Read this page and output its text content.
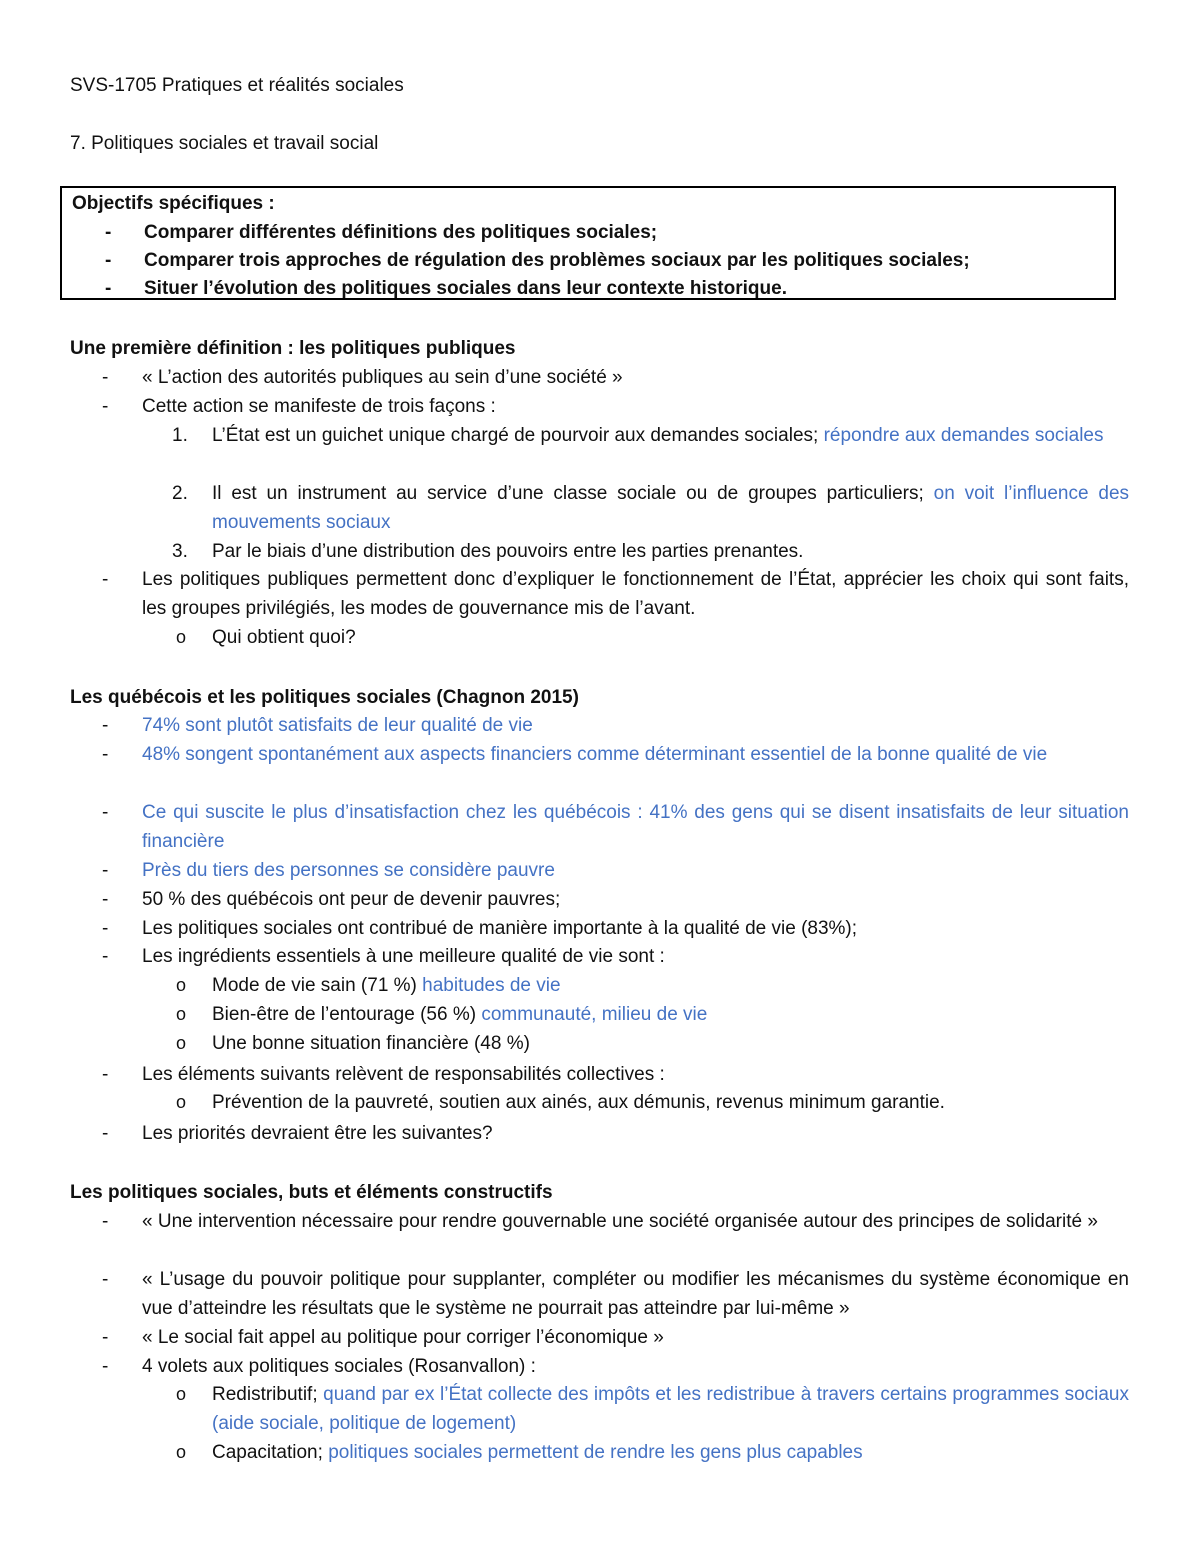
SVS-1705 Pratiques et réalités sociales
7. Politiques sociales et travail social
Objectifs spécifiques :
- Comparer différentes définitions des politiques sociales;
- Comparer trois approches de régulation des problèmes sociaux par les politiques sociales;
- Situer l’évolution des politiques sociales dans leur contexte historique.
Une première définition : les politiques publiques
-	« L’action des autorités publiques au sein d’une société »
-	Cette action se manifeste de trois façons :
1. L’État est un guichet unique chargé de pourvoir aux demandes sociales; répondre aux demandes sociales
2. Il est un instrument au service d’une classe sociale ou de groupes particuliers; on voit l’influence des mouvements sociaux
3. Par le biais d’une distribution des pouvoirs entre les parties prenantes.
-	Les politiques publiques permettent donc d’expliquer le fonctionnement de l’État, apprécier les choix qui sont faits, les groupes privilégiés, les modes de gouvernance mis de l’avant.
o Qui obtient quoi?
Les québécois et les politiques sociales (Chagnon 2015)
-	74% sont plutôt satisfaits de leur qualité de vie
-	48% songent spontanément aux aspects financiers comme déterminant essentiel de la bonne qualité de vie
-	Ce qui suscite le plus d’insatisfaction chez les québécois : 41% des gens qui se disent insatisfaits de leur situation financière
-	Près du tiers des personnes se considère pauvre
-	50 % des québécois ont peur de devenir pauvres;
-	Les politiques sociales ont contribué de manière importante à la qualité de vie (83%);
-	Les ingrédients essentiels à une meilleure qualité de vie sont :
o Mode de vie sain (71 %) habitudes de vie
o Bien-être de l’entourage (56 %) communauté, milieu de vie
o Une bonne situation financière (48 %)
-	Les éléments suivants relèvent de responsabilités collectives :
o Prévention de la pauvreté, soutien aux ainés, aux démunis, revenus minimum garantie.
-	Les priorités devraient être les suivantes?
Les politiques sociales, buts et éléments constructifs
-	« Une intervention nécessaire pour rendre gouvernable une société organisée autour des principes de solidarité »
-	« L’usage du pouvoir politique pour supplanter, compléter ou modifier les mécanismes du système économique en vue d’atteindre les résultats que le système ne pourrait pas atteindre par lui-même »
-	« Le social fait appel au politique pour corriger l’économique »
-	4 volets aux politiques sociales (Rosanvallon) :
o Redistributif; quand par ex l’État collecte des impôts et les redistribue à travers certains programmes sociaux (aide sociale, politique de logement)
o Capacitation; politiques sociales permettent de rendre les gens plus capables
